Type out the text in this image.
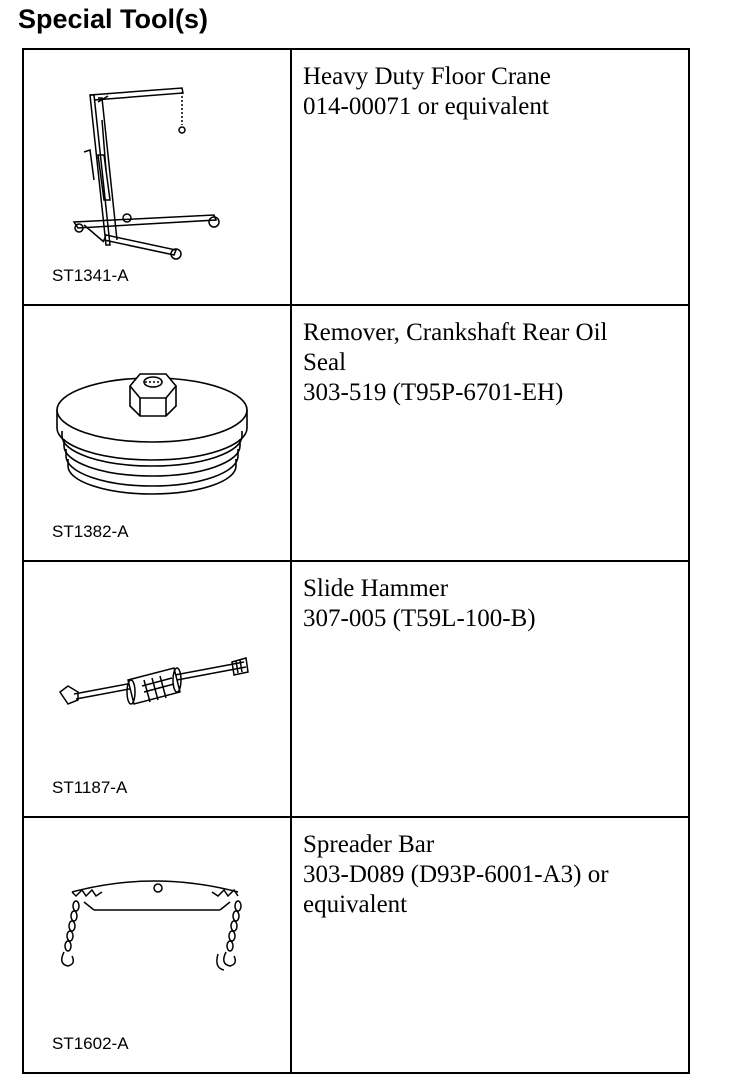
Special Tool(s)
ST1341-A	Heavy Duty Floor Crane
014-00071 or equivalent

ST1382-A	Remover, Crankshaft Rear Oil
Seal
303-519 (T95P-6701-EH)

ST1187-A	Slide Hammer
307-005 (T59L-100-B)

ST1602-A	Spreader Bar
303-D089 (D93P-6001-A3) or
equivalent
